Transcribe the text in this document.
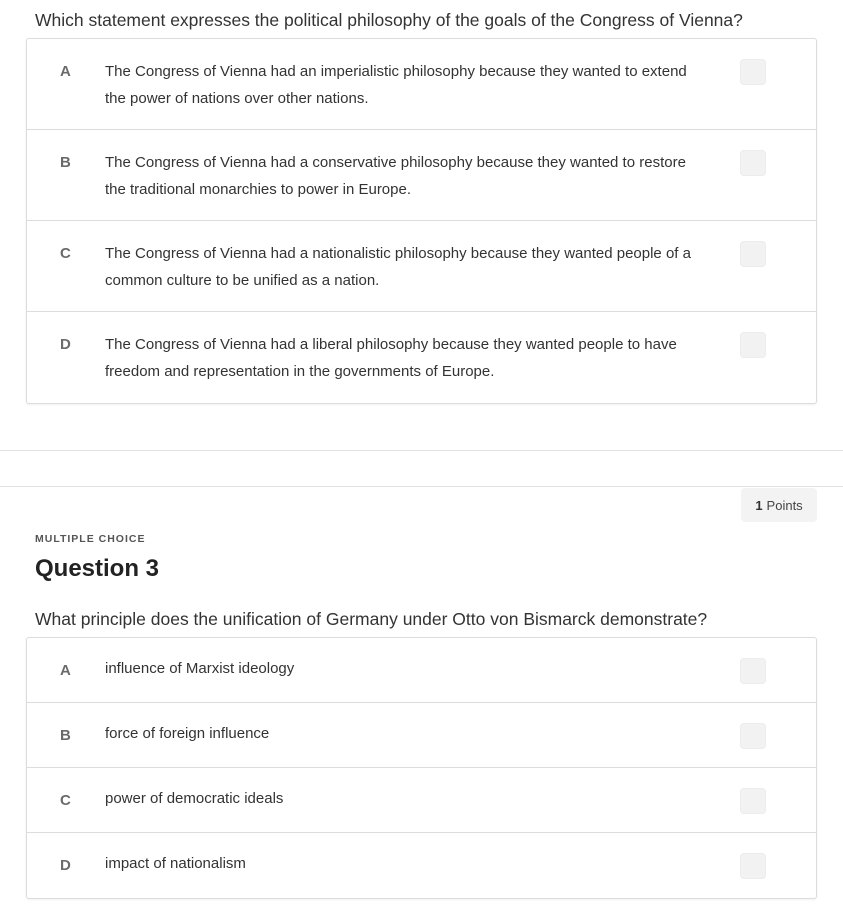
Which statement expresses the political philosophy of the goals of the Congress of Vienna?
A The Congress of Vienna had an imperialistic philosophy because they wanted to extend
the power of nations over other nations.
B The Congress of Vienna had a conservative philosophy because they wanted to restore
the traditional monarchies to power in Europe.
C The Congress of Vienna had a nationalistic philosophy because they wanted people of a
common culture to be unified as a nation.
D The Congress of Vienna had a liberal philosophy because they wanted people to have
freedom and representation in the governments of Europe.
1 Points
MULTIPLE CHOICE
Question 3
What principle does the unification of Germany under Otto von Bismarck demonstrate?
A influence of Marxist ideology
B force of foreign influence
C power of democratic ideals
D impact of nationalism
